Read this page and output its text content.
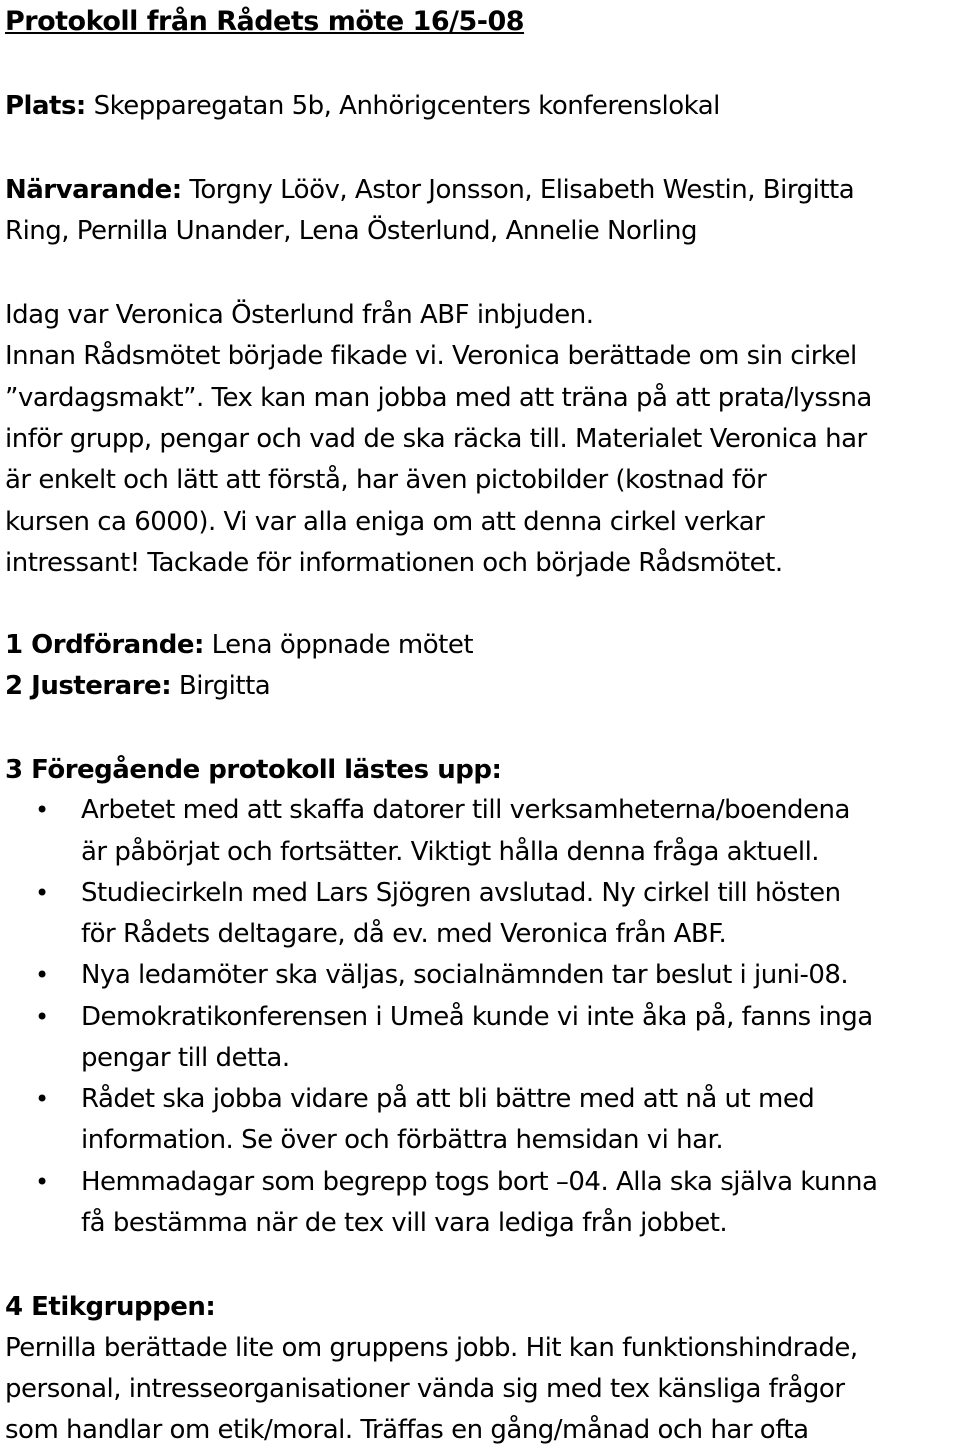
Protokoll från Rådets möte 16/5-08
Plats: Skepparegatan 5b, Anhörigcenters konferenslokal
Närvarande: Torgny Lööv, Astor Jonsson, Elisabeth Westin, Birgitta
Ring, Pernilla Unander, Lena Österlund, Annelie Norling
Idag var Veronica Österlund från ABF inbjuden.
Innan Rådsmötet började fikade vi. Veronica berättade om sin cirkel
”vardagsmakt”. Tex kan man jobba med att träna på att prata/lyssna
inför grupp, pengar och vad de ska räcka till. Materialet Veronica har
är enkelt och lätt att förstå, har även pictobilder (kostnad för
kursen ca 6000). Vi var alla eniga om att denna cirkel verkar
intressant! Tackade för informationen och började Rådsmötet.
1 Ordförande: Lena öppnade mötet
2 Justerare: Birgitta
3 Föregående protokoll lästes upp:
• Arbetet med att skaffa datorer till verksamheterna/boendena
är påbörjat och fortsätter. Viktigt hålla denna fråga aktuell.
• Studiecirkeln med Lars Sjögren avslutad. Ny cirkel till hösten
för Rådets deltagare, då ev. med Veronica från ABF.
• Nya ledamöter ska väljas, socialnämnden tar beslut i juni-08.
• Demokratikonferensen i Umeå kunde vi inte åka på, fanns inga
pengar till detta.
• Rådet ska jobba vidare på att bli bättre med att nå ut med
information. Se över och förbättra hemsidan vi har.
• Hemmadagar som begrepp togs bort –04. Alla ska själva kunna
få bestämma när de tex vill vara lediga från jobbet.
4 Etikgruppen:
Pernilla berättade lite om gruppens jobb. Hit kan funktionshindrade,
personal, intresseorganisationer vända sig med tex känsliga frågor
som handlar om etik/moral. Träffas en gång/månad och har ofta
